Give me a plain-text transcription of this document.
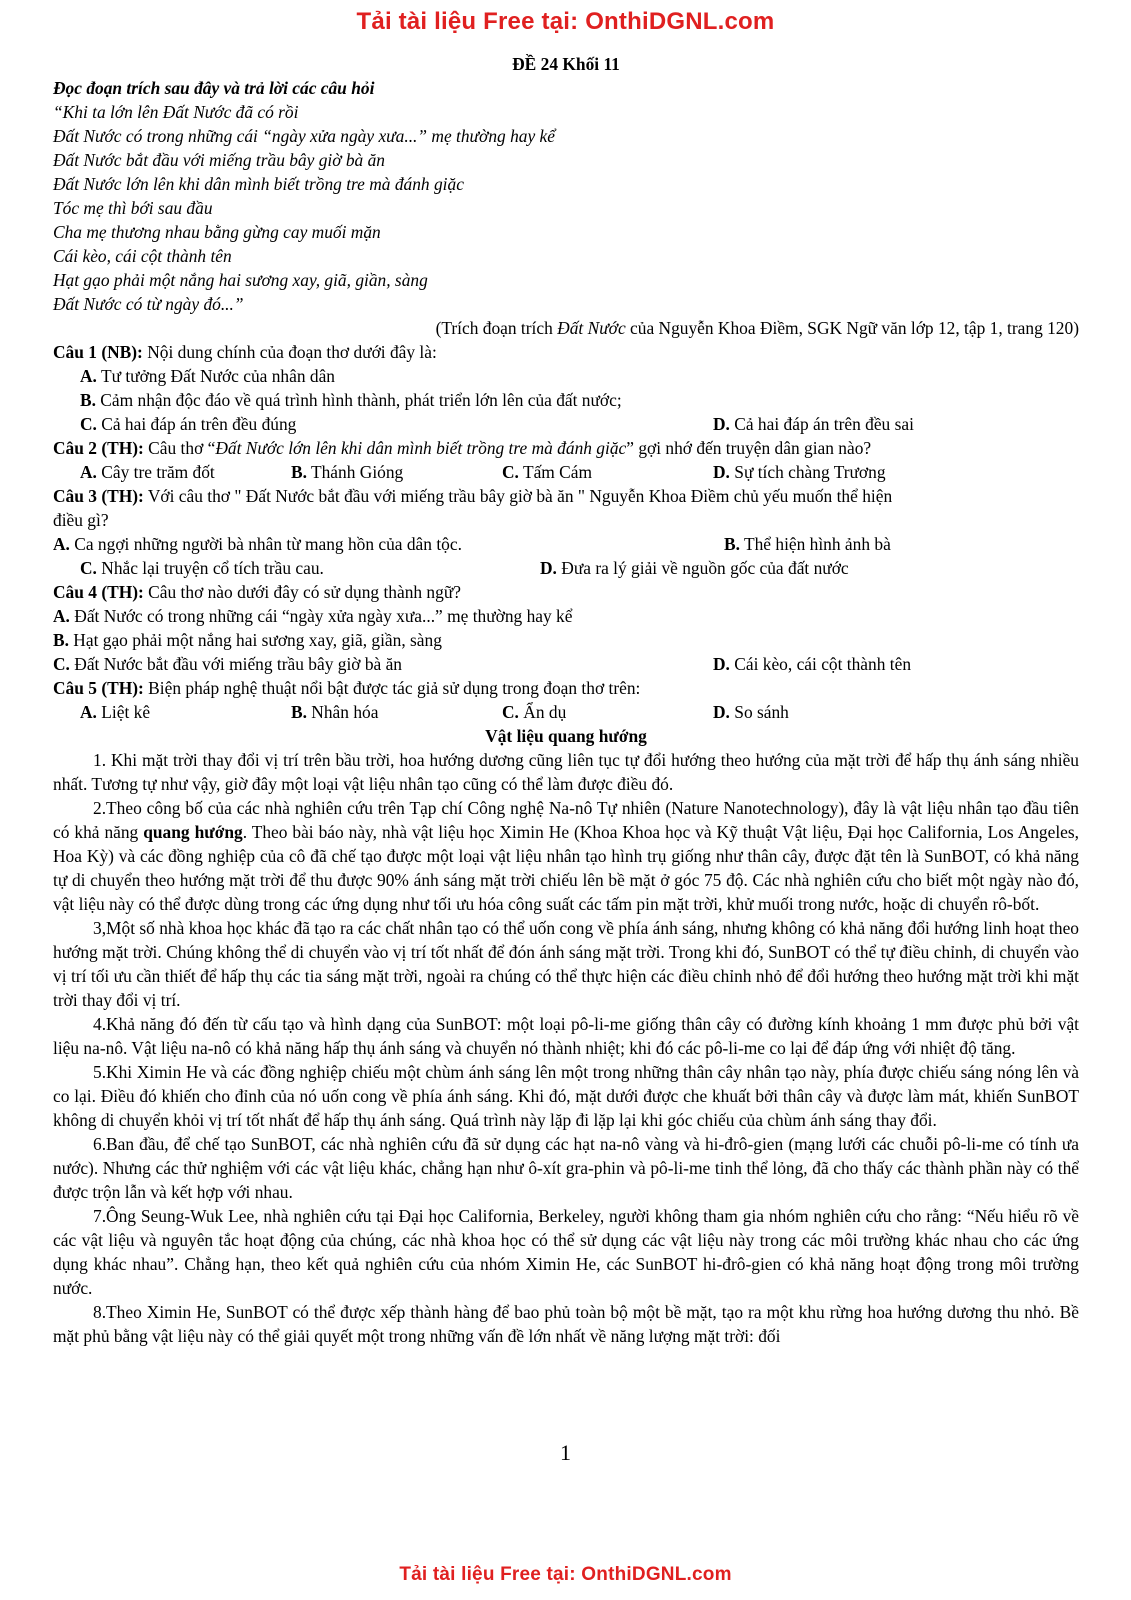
Tải tài liệu Free tại: OnthiDGNL.com
ĐỀ 24 Khối 11
Đọc đoạn trích sau đây và trả lời các câu hỏi
“Khi ta lớn lên Đất Nước đã có rồi
Đất Nước có trong những cái “ngày xửa ngày xưa...” mẹ thường hay kể
Đất Nước bắt đầu với miếng trầu bây giờ bà ăn
Đất Nước lớn lên khi dân mình biết trồng tre mà đánh giặc
Tóc mẹ thì bới sau đầu
Cha mẹ thương nhau bằng gừng cay muối mặn
Cái kèo, cái cột thành tên
Hạt gạo phải một nắng hai sương xay, giã, giần, sàng
Đất Nước có từ ngày đó...”
(Trích đoạn trích Đất Nước của Nguyễn Khoa Điềm, SGK Ngữ văn lớp 12, tập 1, trang 120)
Câu 1 (NB): Nội dung chính của đoạn thơ dưới đây là:
A. Tư tưởng Đất Nước của nhân dân
B. Cảm nhận độc đáo về quá trình hình thành, phát triển lớn lên của đất nước;
C. Cả hai đáp án trên đều đúng	D. Cả hai đáp án trên đều sai
Câu 2 (TH): Câu thơ “Đất Nước lớn lên khi dân mình biết trồng tre mà đánh giặc” gợi nhớ đến truyện dân gian nào?
A. Cây tre trăm đốt	B. Thánh Gióng	C. Tấm Cám	D. Sự tích chàng Trương
Câu 3 (TH): Với câu thơ " Đất Nước bắt đầu với miếng trầu bây giờ bà ăn " Nguyễn Khoa Điềm chủ yếu muốn thể hiện
điều gì?
A. Ca ngợi những người bà nhân từ mang hồn của dân tộc.	B. Thể hiện hình ảnh bà
C. Nhắc lại truyện cổ tích trầu cau.	D. Đưa ra lý giải về nguồn gốc của đất nước
Câu 4 (TH): Câu thơ nào dưới đây có sử dụng thành ngữ?
A. Đất Nước có trong những cái “ngày xửa ngày xưa...” mẹ thường hay kể
B. Hạt gạo phải một nắng hai sương xay, giã, giần, sàng
C. Đất Nước bắt đầu với miếng trầu bây giờ bà ăn	D. Cái kèo, cái cột thành tên
Câu 5 (TH): Biện pháp nghệ thuật nổi bật được tác giả sử dụng trong đoạn thơ trên:
A. Liệt kê	B. Nhân hóa	C. Ẩn dụ	D. So sánh
Vật liệu quang hướng

1. Khi mặt trời thay đổi vị trí trên bầu trời, hoa hướng dương cũng liên tục tự đổi hướng theo hướng của mặt trời để hấp thụ ánh sáng nhiều nhất. Tương tự như vậy, giờ đây một loại vật liệu nhân tạo cũng có thể làm được điều đó.

2.Theo công bố của các nhà nghiên cứu trên Tạp chí Công nghệ Na-nô Tự nhiên (Nature Nanotechnology), đây là vật liệu nhân tạo đầu tiên có khả năng quang hướng. Theo bài báo này, nhà vật liệu học Ximin He (Khoa Khoa học và Kỹ thuật Vật liệu, Đại học California, Los Angeles, Hoa Kỳ) và các đồng nghiệp của cô đã chế tạo được một loại vật liệu nhân tạo hình trụ giống như thân cây, được đặt tên là SunBOT, có khả năng tự di chuyển theo hướng mặt trời để thu được 90% ánh sáng mặt trời chiếu lên bề mặt ở góc 75 độ. Các nhà nghiên cứu cho biết một ngày nào đó, vật liệu này có thể được dùng trong các ứng dụng như tối ưu hóa công suất các tấm pin mặt trời, khử muối trong nước, hoặc di chuyển rô-bốt.

3,Một số nhà khoa học khác đã tạo ra các chất nhân tạo có thể uốn cong về phía ánh sáng, nhưng không có khả năng đổi hướng linh hoạt theo hướng mặt trời. Chúng không thể di chuyển vào vị trí tốt nhất để đón ánh sáng mặt trời. Trong khi đó, SunBOT có thể tự điều chỉnh, di chuyển vào vị trí tối ưu cần thiết để hấp thụ các tia sáng mặt trời, ngoài ra chúng có thể thực hiện các điều chỉnh nhỏ để đổi hướng theo hướng mặt trời khi mặt trời thay đổi vị trí.

4.Khả năng đó đến từ cấu tạo và hình dạng của SunBOT: một loại pô-li-me giống thân cây có đường kính khoảng 1 mm được phủ bởi vật liệu na-nô. Vật liệu na-nô có khả năng hấp thụ ánh sáng và chuyển nó thành nhiệt; khi đó các pô-li-me co lại để đáp ứng với nhiệt độ tăng.

5.Khi Ximin He và các đồng nghiệp chiếu một chùm ánh sáng lên một trong những thân cây nhân tạo này, phía được chiếu sáng nóng lên và co lại. Điều đó khiến cho đỉnh của nó uốn cong về phía ánh sáng. Khi đó, mặt dưới được che khuất bởi thân cây và được làm mát, khiến SunBOT không di chuyển khỏi vị trí tốt nhất để hấp thụ ánh sáng. Quá trình này lặp đi lặp lại khi góc chiếu của chùm ánh sáng thay đổi.

6.Ban đầu, để chế tạo SunBOT, các nhà nghiên cứu đã sử dụng các hạt na-nô vàng và hi-đrô-gien (mạng lưới các chuỗi pô-li-me có tính ưa nước). Nhưng các thử nghiệm với các vật liệu khác, chẳng hạn như ô-xít gra-phin và pô-li-me tinh thể lỏng, đã cho thấy các thành phần này có thể được trộn lẫn và kết hợp với nhau.

7.Ông Seung-Wuk Lee, nhà nghiên cứu tại Đại học California, Berkeley, người không tham gia nhóm nghiên cứu cho rằng: “Nếu hiểu rõ về các vật liệu và nguyên tắc hoạt động của chúng, các nhà khoa học có thể sử dụng các vật liệu này trong các môi trường khác nhau cho các ứng dụng khác nhau”. Chẳng hạn, theo kết quả nghiên cứu của nhóm Ximin He, các SunBOT hi-đrô-gien có khả năng hoạt động trong môi trường nước.

8.Theo Ximin He, SunBOT có thể được xếp thành hàng để bao phủ toàn bộ một bề mặt, tạo ra một khu rừng hoa hướng dương thu nhỏ. Bề mặt phủ bằng vật liệu này có thể giải quyết một trong những vấn đề lớn nhất về năng lượng mặt trời: đối

1
Tải tài liệu Free tại: OnthiDGNL.com
